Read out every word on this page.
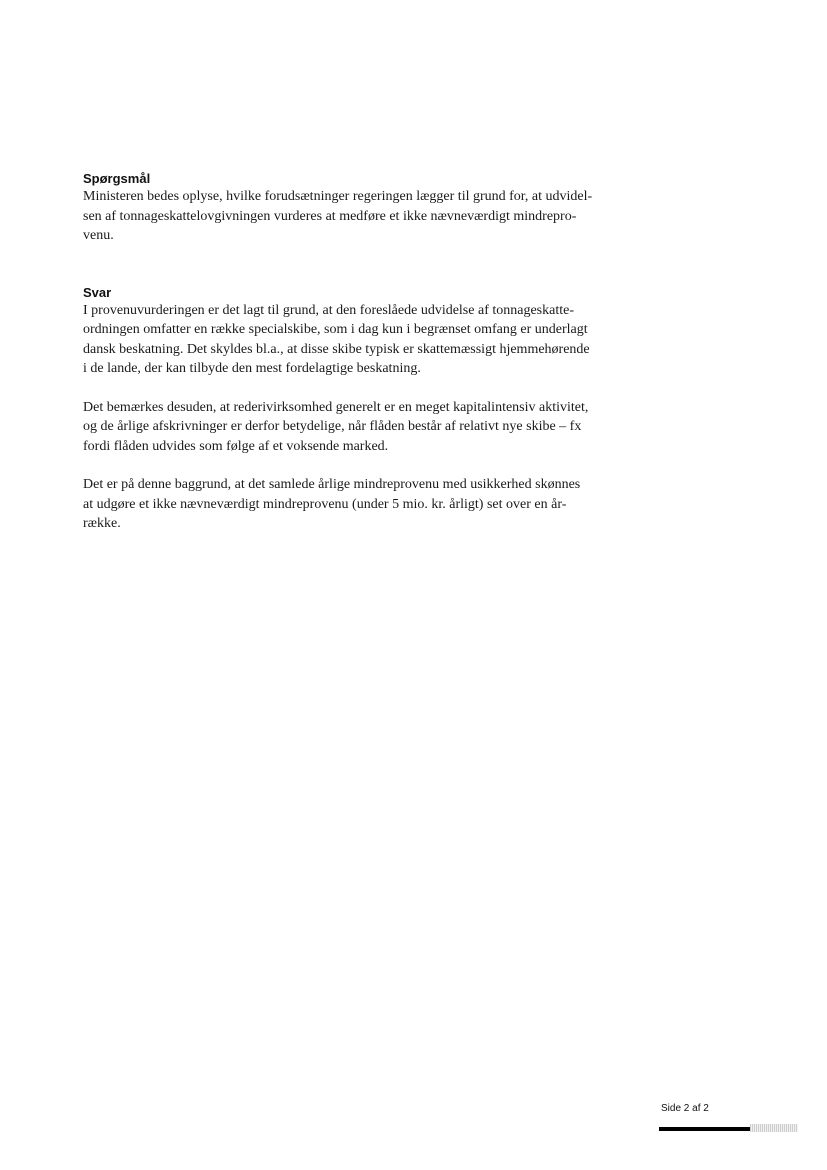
Spørgsmål

Ministeren bedes oplyse, hvilke forudsætninger regeringen lægger til grund for, at udvidel-
sen af tonnageskattelovgivningen vurderes at medføre et ikke nævneværdigt mindrepro-
venu.

Svar

I provenuvurderingen er det lagt til grund, at den foreslåede udvidelse af tonnageskatte-
ordningen omfatter en række specialskibe, som i dag kun i begrænset omfang er underlagt
dansk beskatning. Det skyldes bl.a., at disse skibe typisk er skattemæssigt hjemmehørende
i de lande, der kan tilbyde den mest fordelagtige beskatning.

Det bemærkes desuden, at rederivirksomhed generelt er en meget kapitalintensiv aktivitet,
og de årlige afskrivninger er derfor betydelige, når flåden består af relativt nye skibe – fx
fordi flåden udvides som følge af et voksende marked.

Det er på denne baggrund, at det samlede årlige mindreprovenu med usikkerhed skønnes
at udgøre et ikke nævneværdigt mindreprovenu (under 5 mio. kr. årligt) set over en år-
række.

Side 2 af 2
